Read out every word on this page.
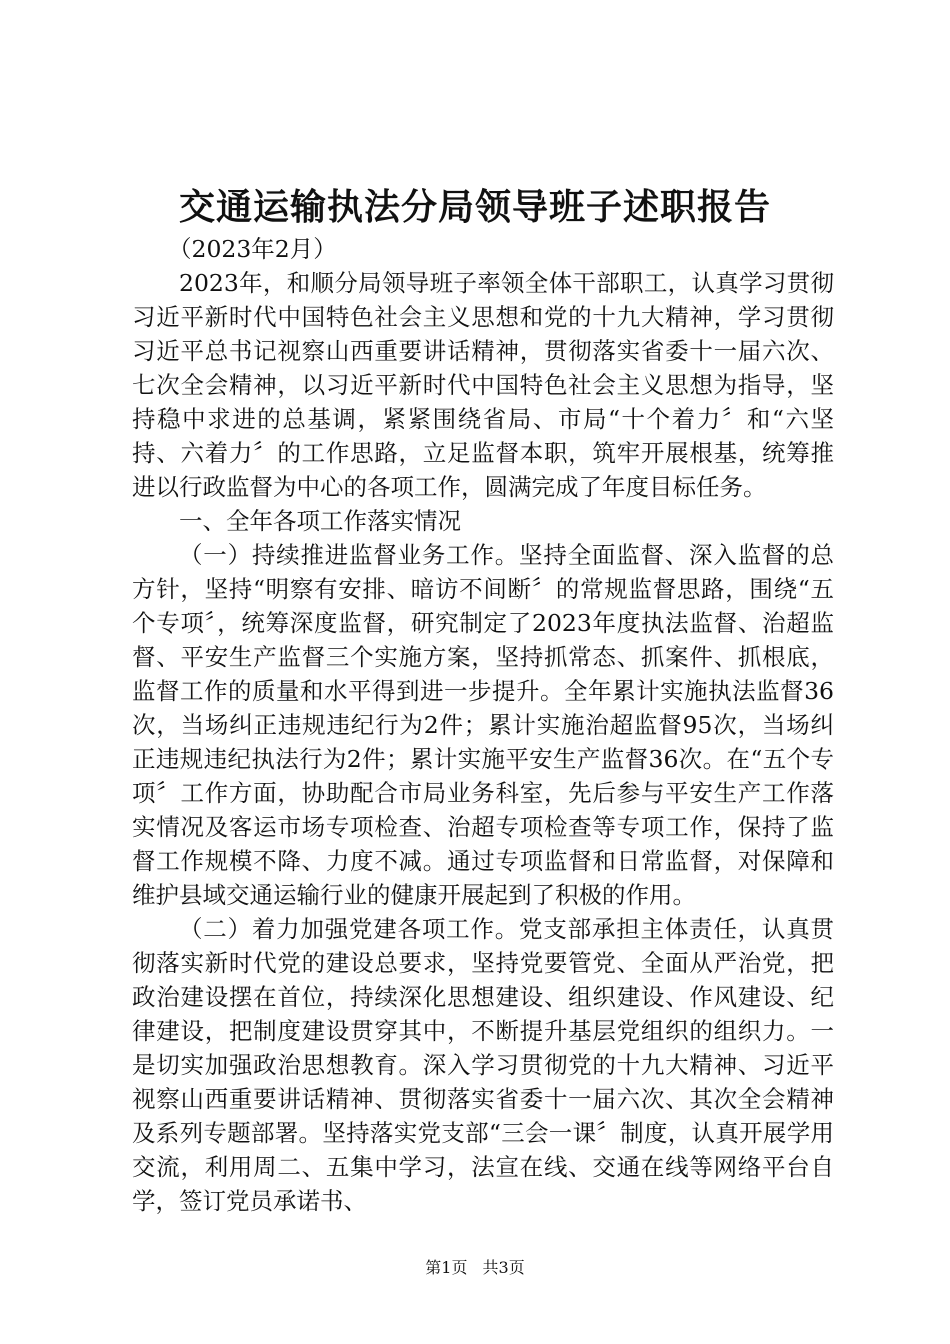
交通运输执法分局领导班子述职报告

（2023年2月）

2023年，和顺分局领导班子率领全体干部职工，认真学习贯彻习近平新时代中国特色社会主义思想和党的十九大精神，学习贯彻习近平总书记视察山西重要讲话精神，贯彻落实省委十一届六次、七次全会精神，以习近平新时代中国特色社会主义思想为指导，坚持稳中求进的总基调，紧紧围绕省局、市局“十个着力〞和“六坚持、六着力〞的工作思路，立足监督本职，筑牢开展根基，统筹推进以行政监督为中心的各项工作，圆满完成了年度目标任务。

一、全年各项工作落实情况

（一）持续推进监督业务工作。坚持全面监督、深入监督的总方针，坚持“明察有安排、暗访不间断〞的常规监督思路，围绕“五个专项〞，统筹深度监督，研究制定了2023年度执法监督、治超监督、平安生产监督三个实施方案，坚持抓常态、抓案件、抓根底，监督工作的质量和水平得到进一步提升。全年累计实施执法监督36次，当场纠正违规违纪行为2件；累计实施治超监督95次，当场纠正违规违纪执法行为2件；累计实施平安生产监督36次。在“五个专项〞工作方面，协助配合市局业务科室，先后参与平安生产工作落实情况及客运市场专项检查、治超专项检查等专项工作，保持了监督工作规模不降、力度不减。通过专项监督和日常监督，对保障和维护县域交通运输行业的健康开展起到了积极的作用。

（二）着力加强党建各项工作。党支部承担主体责任，认真贯彻落实新时代党的建设总要求，坚持党要管党、全面从严治党，把政治建设摆在首位，持续深化思想建设、组织建设、作风建设、纪律建设，把制度建设贯穿其中，不断提升基层党组织的组织力。一是切实加强政治思想教育。深入学习贯彻党的十九大精神、习近平视察山西重要讲话精神、贯彻落实省委十一届六次、其次全会精神及系列专题部署。坚持落实党支部“三会一课〞制度，认真开展学用交流，利用周二、五集中学习，法宣在线、交通在线等网络平台自学，签订党员承诺书、

第1页 共3页
